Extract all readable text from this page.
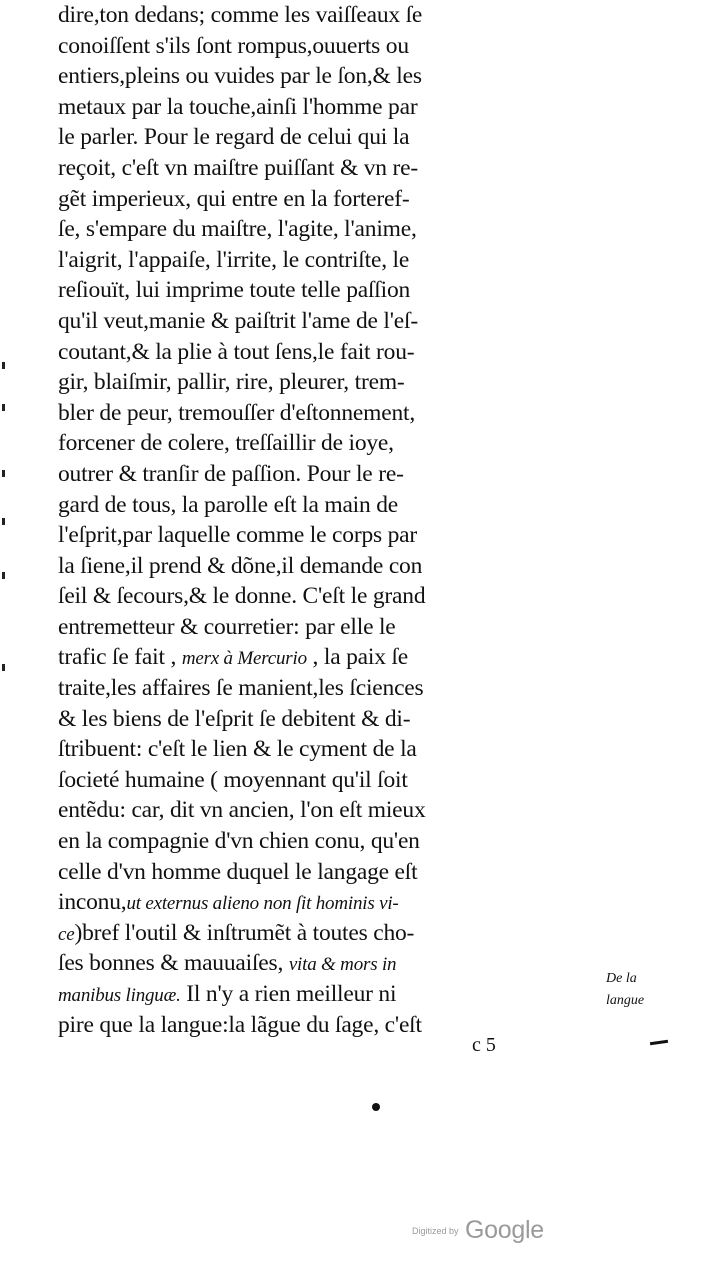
dire,ton dedans; comme les vaiſſeaux ſe
conoiſſent s'ils ſont rompus,ouuerts ou
entiers,pleins ou vuides par le ſon,& les
metaux par la touche,ainſi l'homme par
le parler. Pour le regard de celui qui la
reçoit, c'eſt vn maiſtre puiſſant & vn re-
gẽt imperieux, qui entre en la forteref-
ſe, s'empare du maiſtre, l'agite, l'anime,
l'aigrit, l'appaiſe, l'irrite, le contriſte, le
reſiouït, lui imprime toute telle paſſion
qu'il veut,manie & paiſtrit l'ame de l'eſ-
coutant,& la plie à tout ſens,le fait rou-
gir, blaiſmir, pallir, rire, pleurer, trem-
bler de peur, tremouſſer d'eſtonnement,
forcener de colere, treſſaillir de ioye,
outrer & tranſir de paſſion. Pour le re-
gard de tous, la parolle eſt la main de
l'eſprit,par laquelle comme le corps par
la ſiene,il prend & dõne,il demande con
ſeil & ſecours,& le donne. C'eſt le grand
entremetteur & courretier: par elle le
trafic ſe fait , merx à Mercurio , la paix ſe
traite,les affaires ſe manient,les ſciences
& les biens de l'eſprit ſe debitent & di-
ſtribuent: c'eſt le lien & le cyment de la
ſocieté humaine ( moyennant qu'il ſoit
entẽdu: car, dit vn ancien, l'on eſt mieux
en la compagnie d'vn chien conu, qu'en
celle d'vn homme duquel le langage eſt
inconu,ut externus alieno non ſit hominis vi-
ce)bref l'outil & inſtrumẽt à toutes cho-
ſes bonnes & mauuaiſes, vita & mors in
manibus linguæ. Il n'y a rien meilleur ni
pire que la langue:la lãgue du ſage, c'eſt
De la
langue
c 5
Digitized by Google
